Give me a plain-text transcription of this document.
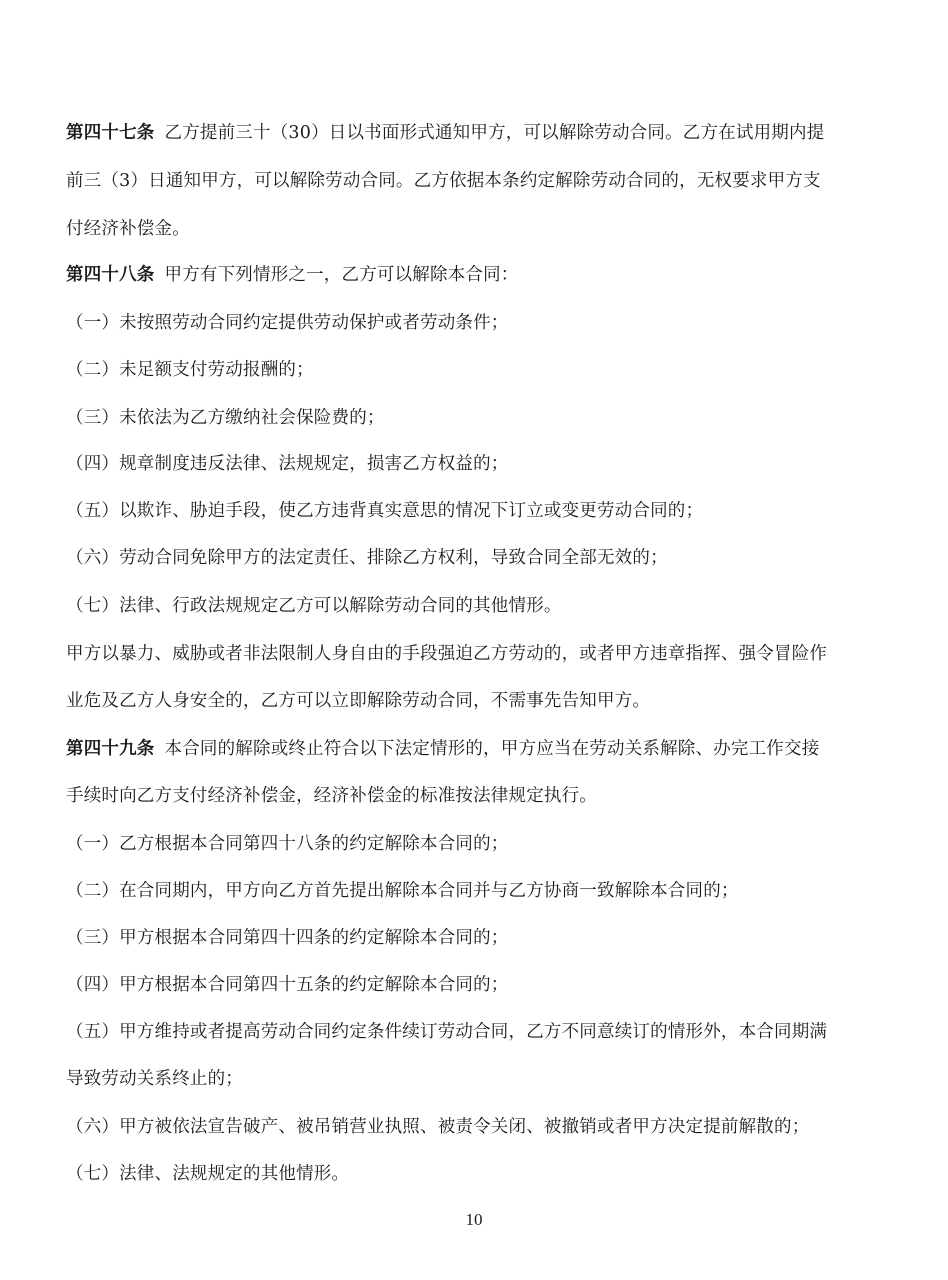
第四十七条 乙方提前三十（30）日以书面形式通知甲方，可以解除劳动合同。乙方在试用期内提
前三（3）日通知甲方，可以解除劳动合同。乙方依据本条约定解除劳动合同的，无权要求甲方支
付经济补偿金。
第四十八条 甲方有下列情形之一，乙方可以解除本合同：
（一）未按照劳动合同约定提供劳动保护或者劳动条件；
（二）未足额支付劳动报酬的；
（三）未依法为乙方缴纳社会保险费的；
（四）规章制度违反法律、法规规定，损害乙方权益的；
（五）以欺诈、胁迫手段，使乙方违背真实意思的情况下订立或变更劳动合同的；
（六）劳动合同免除甲方的法定责任、排除乙方权利，导致合同全部无效的；
（七）法律、行政法规规定乙方可以解除劳动合同的其他情形。
甲方以暴力、威胁或者非法限制人身自由的手段强迫乙方劳动的，或者甲方违章指挥、强令冒险作
业危及乙方人身安全的，乙方可以立即解除劳动合同，不需事先告知甲方。
第四十九条 本合同的解除或终止符合以下法定情形的，甲方应当在劳动关系解除、办完工作交接
手续时向乙方支付经济补偿金，经济补偿金的标准按法律规定执行。
（一）乙方根据本合同第四十八条的约定解除本合同的；
（二）在合同期内，甲方向乙方首先提出解除本合同并与乙方协商一致解除本合同的；
（三）甲方根据本合同第四十四条的约定解除本合同的；
（四）甲方根据本合同第四十五条的约定解除本合同的；
（五）甲方维持或者提高劳动合同约定条件续订劳动合同，乙方不同意续订的情形外，本合同期满
导致劳动关系终止的；
（六）甲方被依法宣告破产、被吊销营业执照、被责令关闭、被撤销或者甲方决定提前解散的；
（七）法律、法规规定的其他情形。
10
